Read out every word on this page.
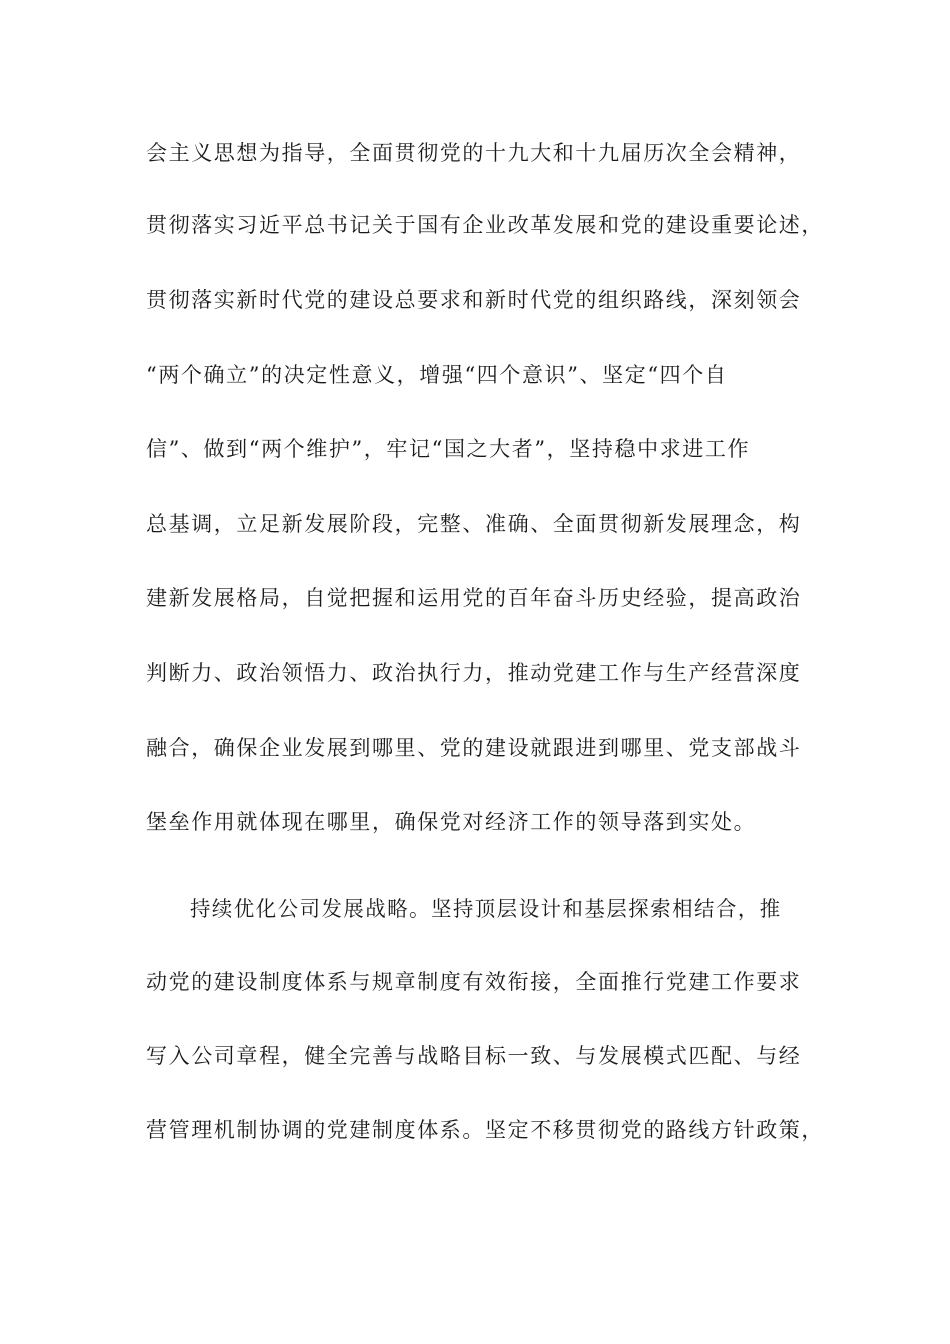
会主义思想为指导，全面贯彻党的十九大和十九届历次全会精神，
贯彻落实习近平总书记关于国有企业改革发展和党的建设重要论述，
贯彻落实新时代党的建设总要求和新时代党的组织路线，深刻领会
“两个确立”的决定性意义，增强“四个意识”、坚定“四个自
信”、做到“两个维护”，牢记“国之大者”，坚持稳中求进工作
总基调，立足新发展阶段，完整、准确、全面贯彻新发展理念，构
建新发展格局，自觉把握和运用党的百年奋斗历史经验，提高政治
判断力、政治领悟力、政治执行力，推动党建工作与生产经营深度
融合，确保企业发展到哪里、党的建设就跟进到哪里、党支部战斗
堡垒作用就体现在哪里，确保党对经济工作的领导落到实处。
持续优化公司发展战略。坚持顶层设计和基层探索相结合，推
动党的建设制度体系与规章制度有效衔接，全面推行党建工作要求
写入公司章程，健全完善与战略目标一致、与发展模式匹配、与经
营管理机制协调的党建制度体系。坚定不移贯彻党的路线方针政策，
